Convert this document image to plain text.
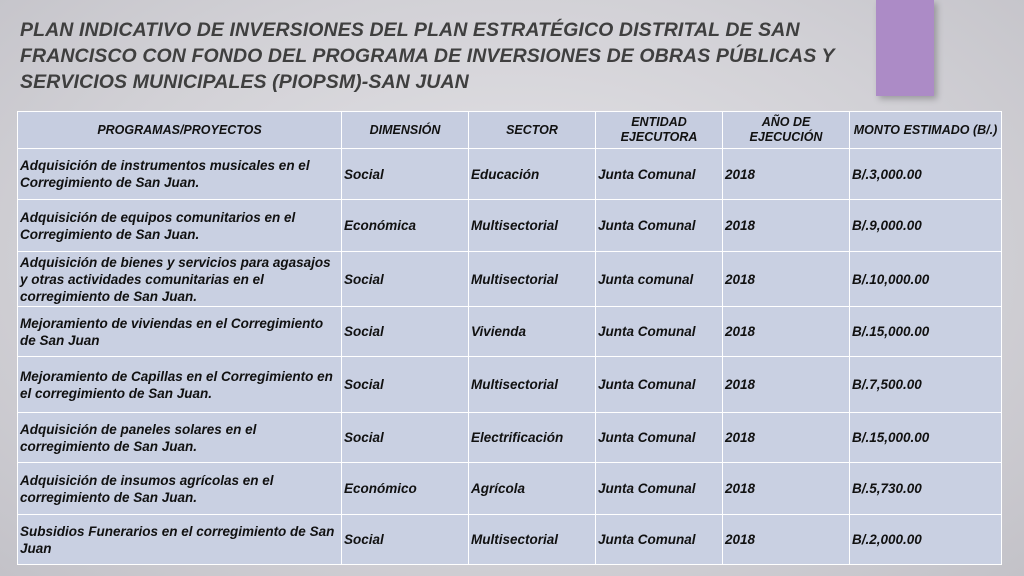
PLAN INDICATIVO DE INVERSIONES DEL PLAN ESTRATÉGICO DISTRITAL DE SAN FRANCISCO CON FONDO DEL PROGRAMA DE INVERSIONES DE OBRAS PÚBLICAS Y SERVICIOS MUNICIPALES (PIOPSM)-SAN JUAN
PROGRAMAS/PROYECTOS	DIMENSIÓN	SECTOR	ENTIDAD EJECUTORA	AÑO DE EJECUCIÓN	MONTO ESTIMADO (B/.)
Adquisición de instrumentos musicales en el Corregimiento de San Juan.	Social	Educación	Junta Comunal	2018	B/.3,000.00
Adquisición de equipos comunitarios en el Corregimiento de San Juan.	Económica	Multisectorial	Junta Comunal	2018	B/.9,000.00
Adquisición de bienes y servicios para agasajos y otras actividades comunitarias en el corregimiento de San Juan.	Social	Multisectorial	Junta comunal	2018	B/.10,000.00
Mejoramiento de viviendas en el Corregimiento de San Juan	Social	Vivienda	Junta Comunal	2018	B/.15,000.00
Mejoramiento de Capillas en el Corregimiento en el corregimiento de San Juan.	Social	Multisectorial	Junta Comunal	2018	B/.7,500.00
Adquisición de paneles solares en el corregimiento de San Juan.	Social	Electrificación	Junta Comunal	2018	B/.15,000.00
Adquisición de insumos agrícolas en el corregimiento de San Juan.	Económico	Agrícola	Junta Comunal	2018	B/.5,730.00
Subsidios Funerarios en el corregimiento de San Juan	Social	Multisectorial	Junta Comunal	2018	B/.2,000.00
